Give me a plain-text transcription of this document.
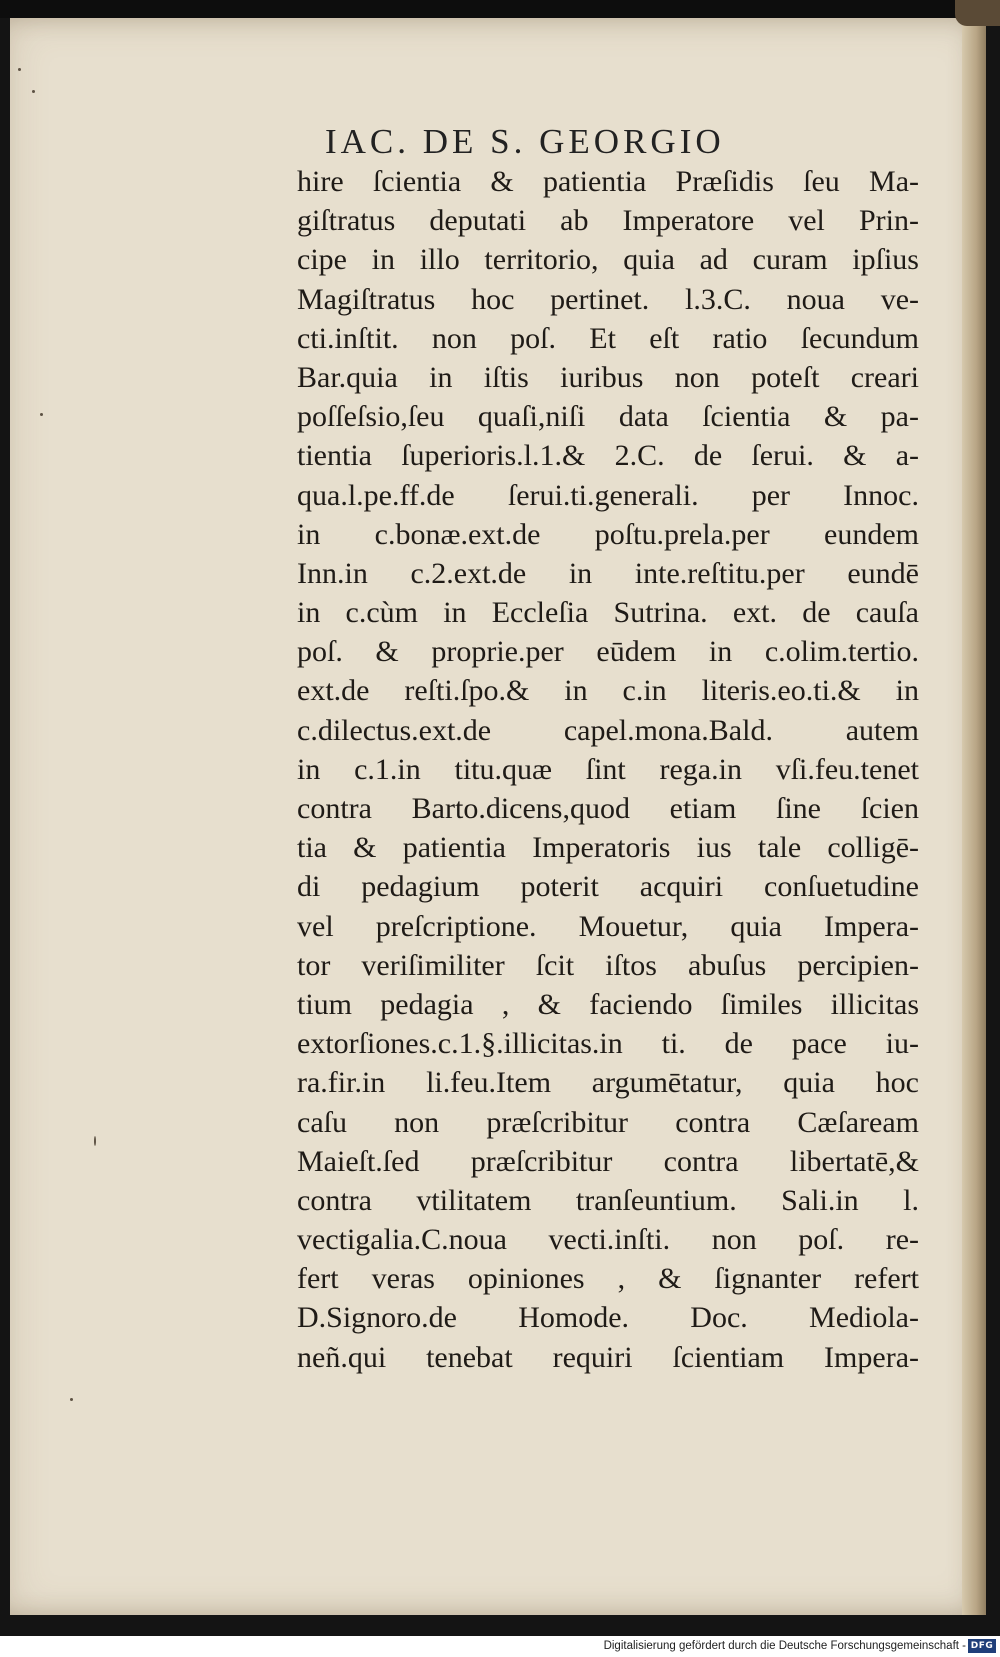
IAC. DE S. GEORGIO
hire ſcientia & patientia Præſidis ſeu Ma-
giſtratus deputati ab Imperatore vel Prin-
cipe in illo territorio, quia ad curam ipſius
Magiſtratus hoc pertinet. l.3.C. noua ve-
cti.inſtit. non poſ. Et eſt ratio ſecundum
Bar.quia in iſtis iuribus non poteſt creari
poſſeſsio,ſeu quaſi,niſi data ſcientia & pa-
tientia ſuperioris.l.1.& 2.C. de ſerui. & a-
qua.l.pe.ff.de ſerui.ti.generali. per Innoc.
in c.bonæ.ext.de poſtu.prela.per eundem
Inn.in c.2.ext.de in inte.reſtitu.per eundē
in c.cùm in Eccleſia Sutrina. ext. de cauſa
poſ. & proprie.per eūdem in c.olim.tertio.
ext.de reſti.ſpo.& in c.in literis.eo.ti.& in
c.dilectus.ext.de capel.mona.Bald. autem
in c.1.in titu.quæ ſint rega.in vſi.feu.tenet
contra Barto.dicens,quod etiam ſine ſcien
tia & patientia Imperatoris ius tale colligē-
di pedagium poterit acquiri conſuetudine
vel preſcriptione. Mouetur, quia Impera-
tor veriſimiliter ſcit iſtos abuſus percipien-
tium pedagia , & faciendo ſimiles illicitas
extorſiones.c.1.§.illicitas.in ti. de pace iu-
ra.fir.in li.feu.Item argumētatur, quia hoc
caſu non præſcribitur contra Cæſaream
Maieſt.ſed præſcribitur contra libertatē,&
contra vtilitatem tranſeuntium. Sali.in l.
vectigalia.C.noua vecti.inſti. non poſ. re-
fert veras opiniones , & ſignanter refert
D.Signoro.de Homode. Doc. Mediola-
neñ.qui tenebat requiri ſcientiam Impera-
Digitalisierung gefördert durch die Deutsche Forschungsgemeinschaft - DFG
